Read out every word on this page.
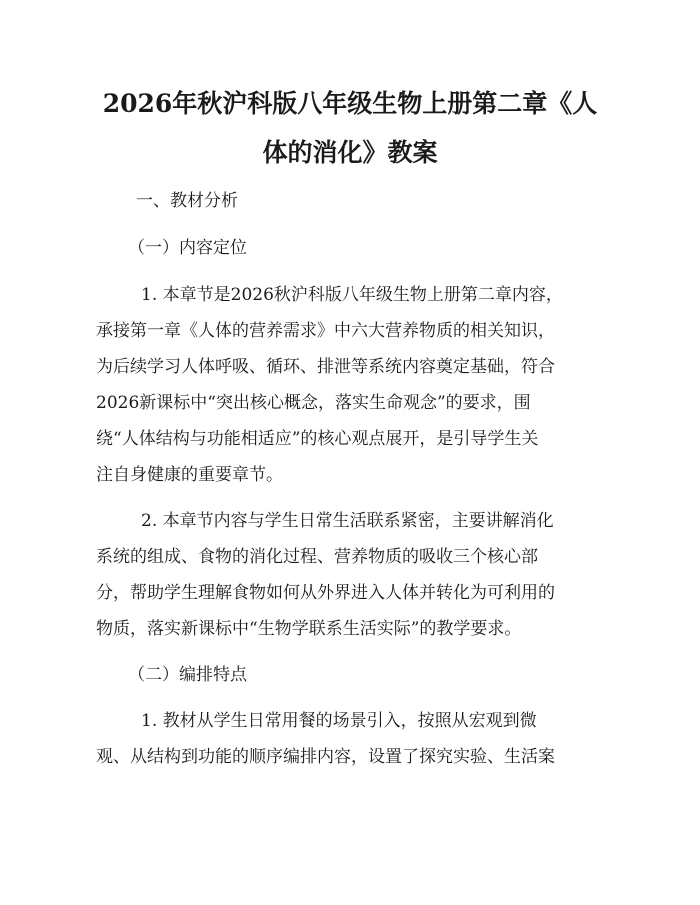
2026年秋沪科版八年级生物上册第二章《人
体的消化》教案

一、教材分析

（一）内容定位

1. 本章节是2026秋沪科版八年级生物上册第二章内容，
承接第一章《人体的营养需求》中六大营养物质的相关知识，
为后续学习人体呼吸、循环、排泄等系统内容奠定基础，符合
2026新课标中“突出核心概念，落实生命观念”的要求，围
绕“人体结构与功能相适应”的核心观点展开，是引导学生关
注自身健康的重要章节。
2. 本章节内容与学生日常生活联系紧密，主要讲解消化
系统的组成、食物的消化过程、营养物质的吸收三个核心部
分，帮助学生理解食物如何从外界进入人体并转化为可利用的
物质，落实新课标中“生物学联系生活实际”的教学要求。

（二）编排特点

1. 教材从学生日常用餐的场景引入，按照从宏观到微
观、从结构到功能的顺序编排内容，设置了探究实验、生活案
